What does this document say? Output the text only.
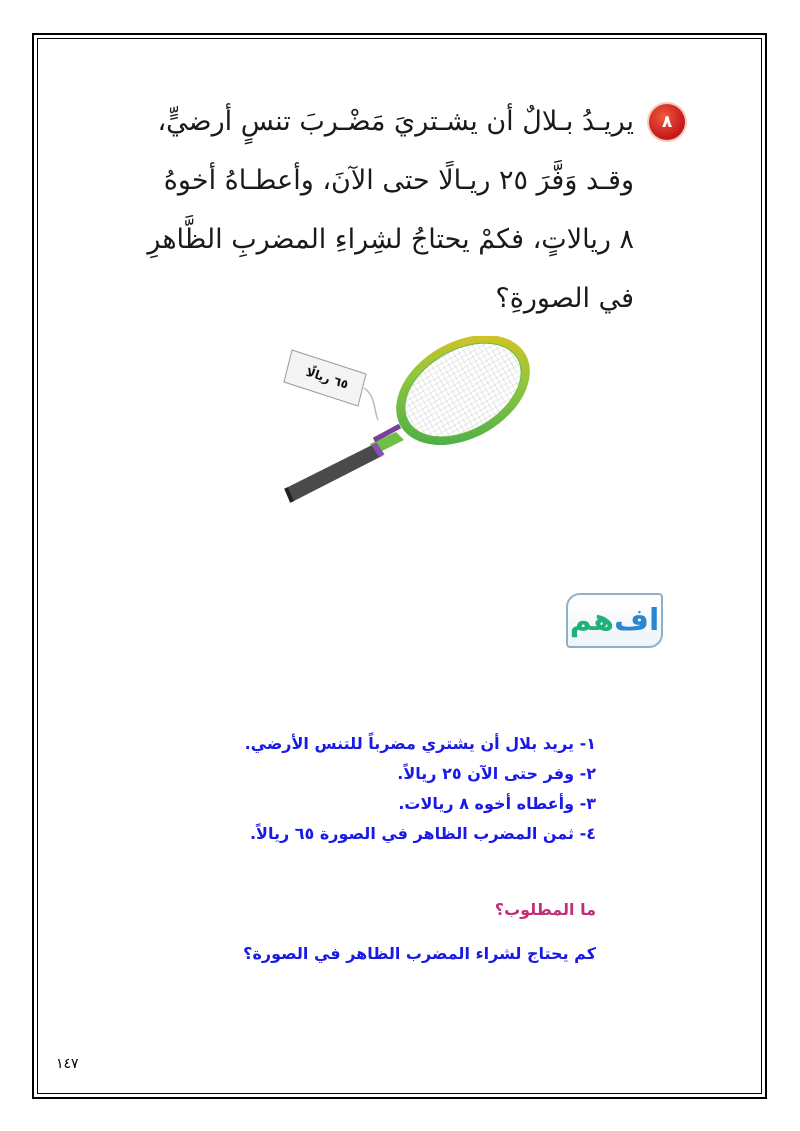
٨
يريـدُ بـلالٌ أن يشـتريَ مَضْـربَ تنسٍ أرضيٍّ،
وقـد وَفَّرَ ٢٥ ريـالًا حتى الآنَ، وأعطـاهُ أخوهُ
٨ ريالاتٍ، فكمْ يحتاجُ لشِراءِ المضربِ الظَّاهرِ
في الصورةِ؟
٦٥ ريالًا
اف
هم
١- يريد بلال أن يشتري مضرباً للتنس الأرضي.
٢- وفر حتى الآن ٢٥ ريالاً.
٣- وأعطاه أخوه ٨ ريالات.
٤- ثمن المضرب الظاهر في الصورة ٦٥ ريالاً.
ما المطلوب؟
كم يحتاج لشراء المضرب الظاهر في الصورة؟
١٤٧
